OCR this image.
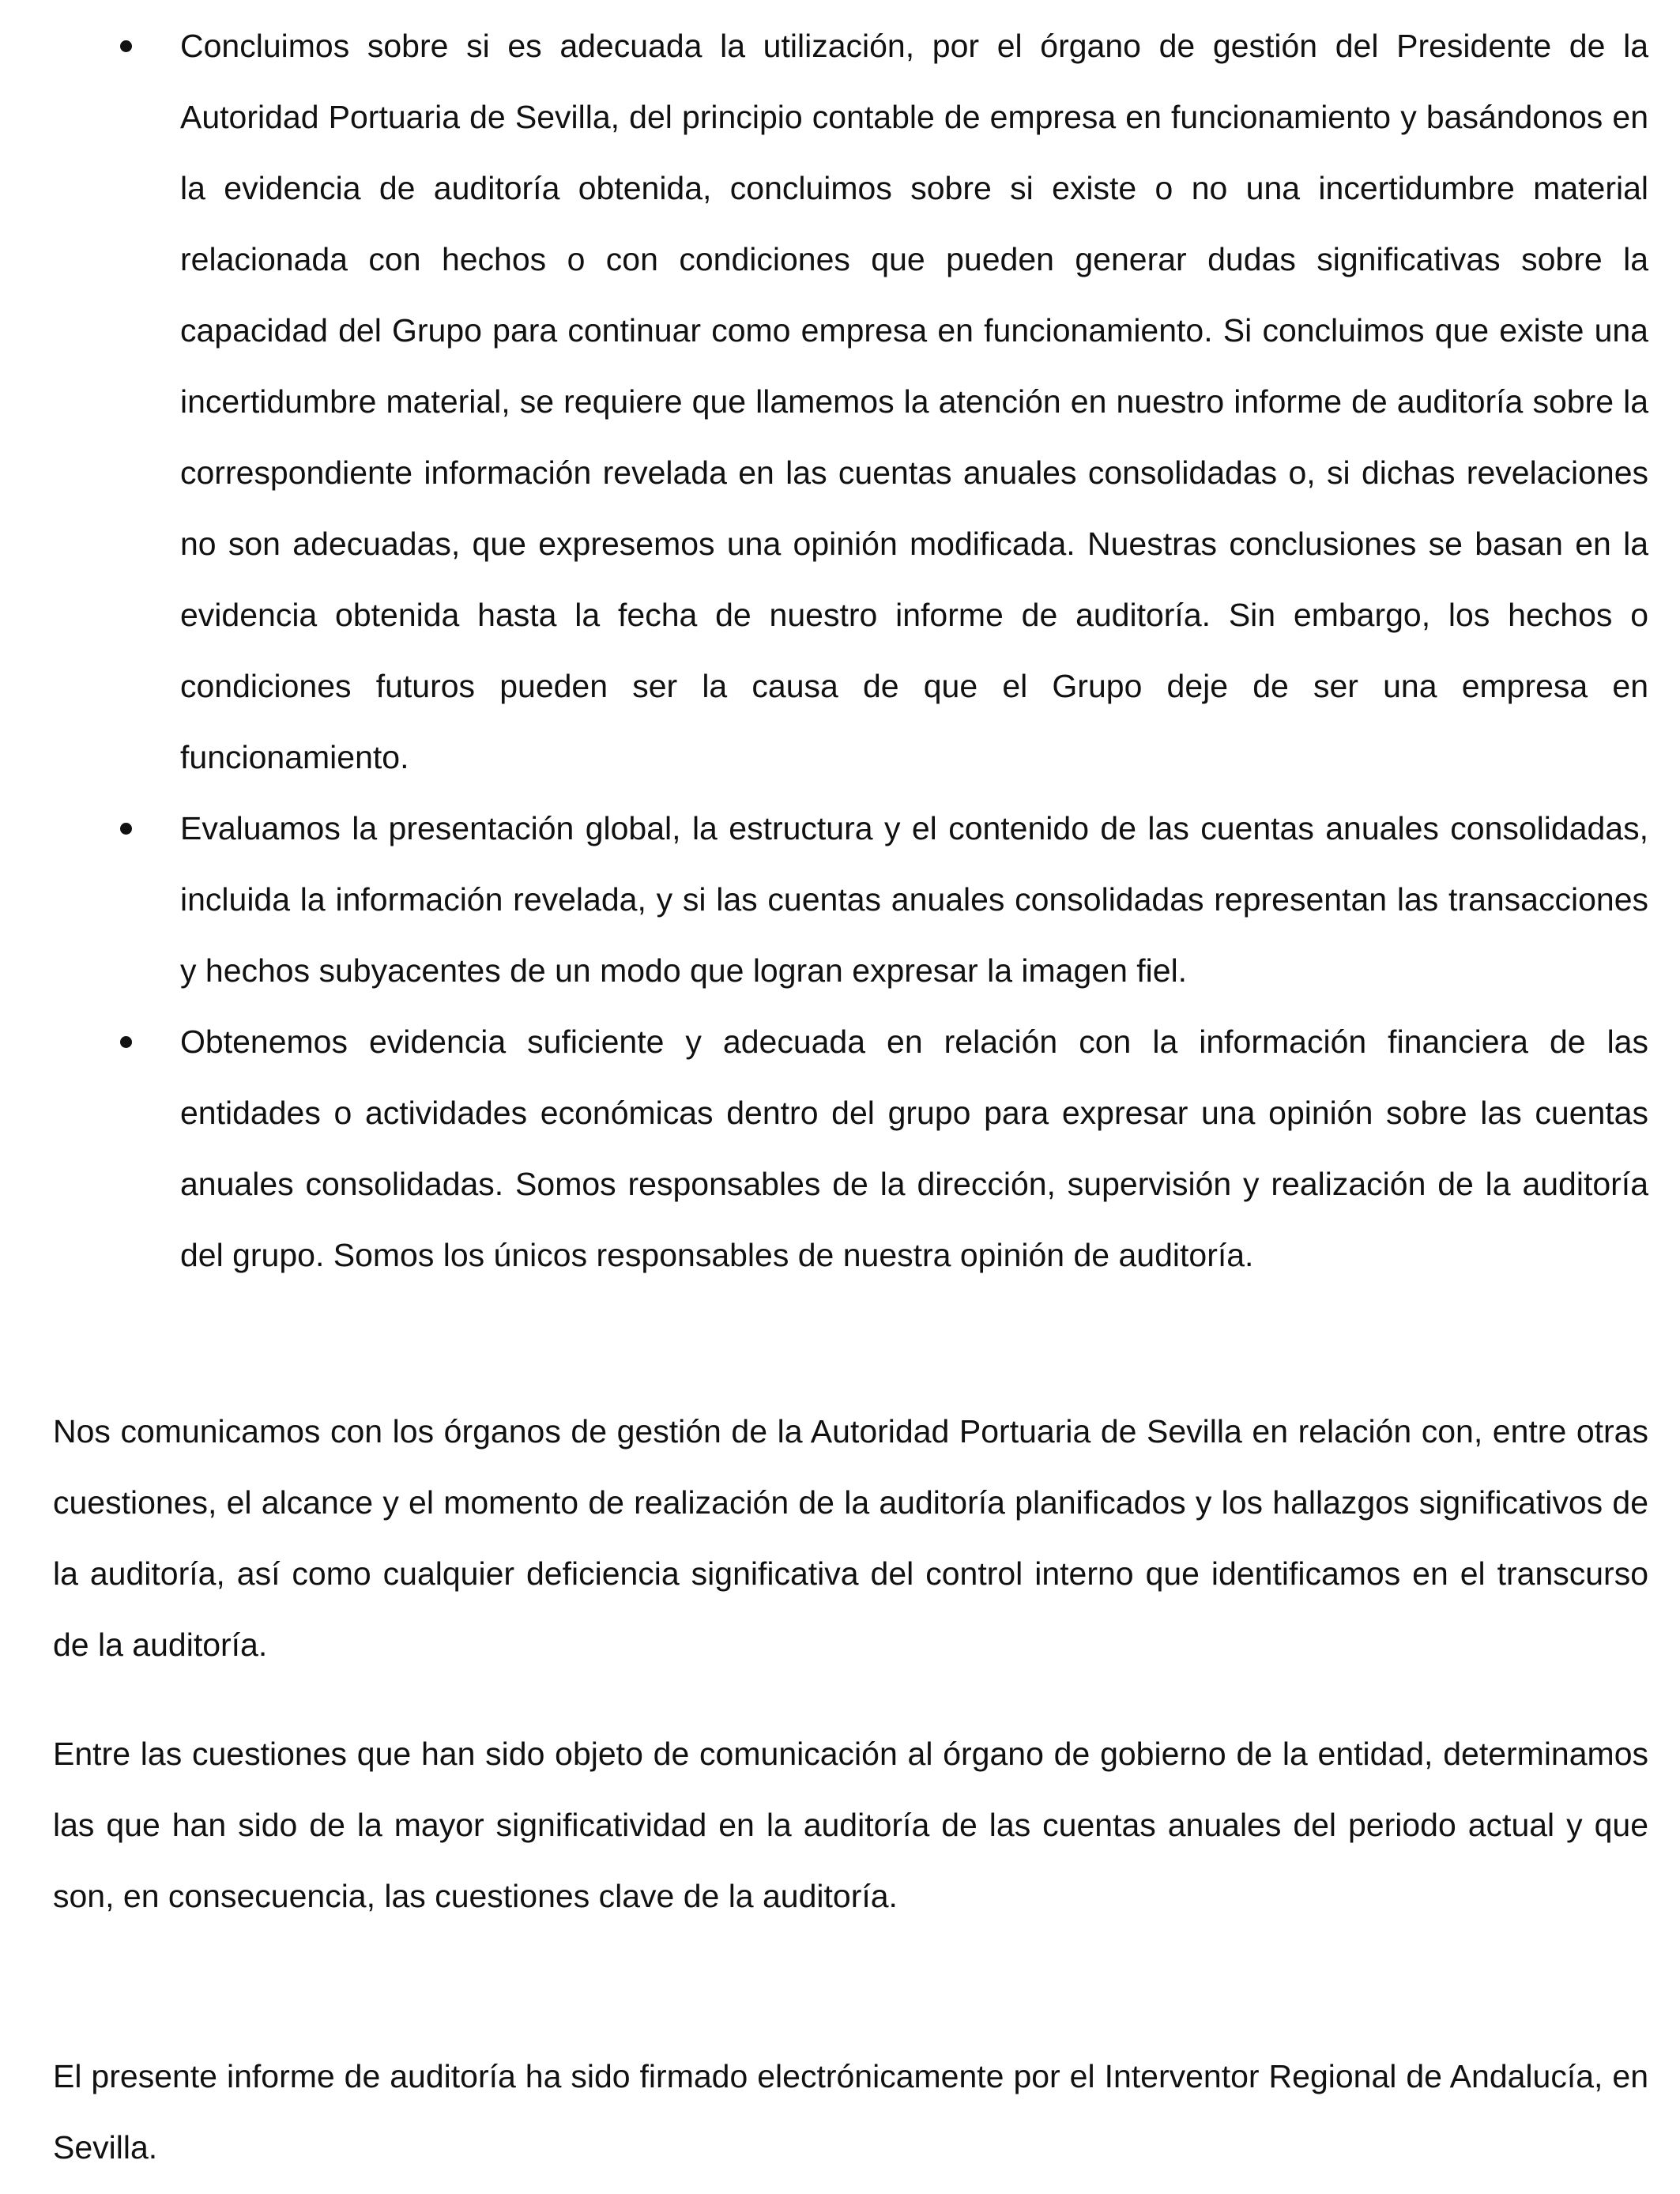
Concluimos sobre si es adecuada la utilización, por el órgano de gestión del Presidente de la Autoridad Portuaria de Sevilla, del principio contable de empresa en funcionamiento y basándonos en la evidencia de auditoría obtenida, concluimos sobre si existe o no una incertidumbre material relacionada con hechos o con condiciones que pueden generar dudas significativas sobre la capacidad del Grupo para continuar como empresa en funcionamiento. Si concluimos que existe una incertidumbre material, se requiere que llamemos la atención en nuestro informe de auditoría sobre la correspondiente información revelada en las cuentas anuales consolidadas o, si dichas revelaciones no son adecuadas, que expresemos una opinión modificada. Nuestras conclusiones se basan en la evidencia obtenida hasta la fecha de nuestro informe de auditoría. Sin embargo, los hechos o condiciones futuros pueden ser la causa de que el Grupo deje de ser una empresa en funcionamiento.

Evaluamos la presentación global, la estructura y el contenido de las cuentas anuales consolidadas, incluida la información revelada, y si las cuentas anuales consolidadas representan las transacciones y hechos subyacentes de un modo que logran expresar la imagen fiel.

Obtenemos evidencia suficiente y adecuada en relación con la información financiera de las entidades o actividades económicas dentro del grupo para expresar una opinión sobre las cuentas anuales consolidadas. Somos responsables de la dirección, supervisión y realización de la auditoría del grupo. Somos los únicos responsables de nuestra opinión de auditoría.

Nos comunicamos con los órganos de gestión de la Autoridad Portuaria de Sevilla en relación con, entre otras cuestiones, el alcance y el momento de realización de la auditoría planificados y los hallazgos significativos de la auditoría, así como cualquier deficiencia significativa del control interno que identificamos en el transcurso de la auditoría.

Entre las cuestiones que han sido objeto de comunicación al órgano de gobierno de la entidad, determinamos las que han sido de la mayor significatividad en la auditoría de las cuentas anuales del periodo actual y que son, en consecuencia, las cuestiones clave de la auditoría.

El presente informe de auditoría ha sido firmado electrónicamente por el Interventor Regional de Andalucía, en Sevilla.
